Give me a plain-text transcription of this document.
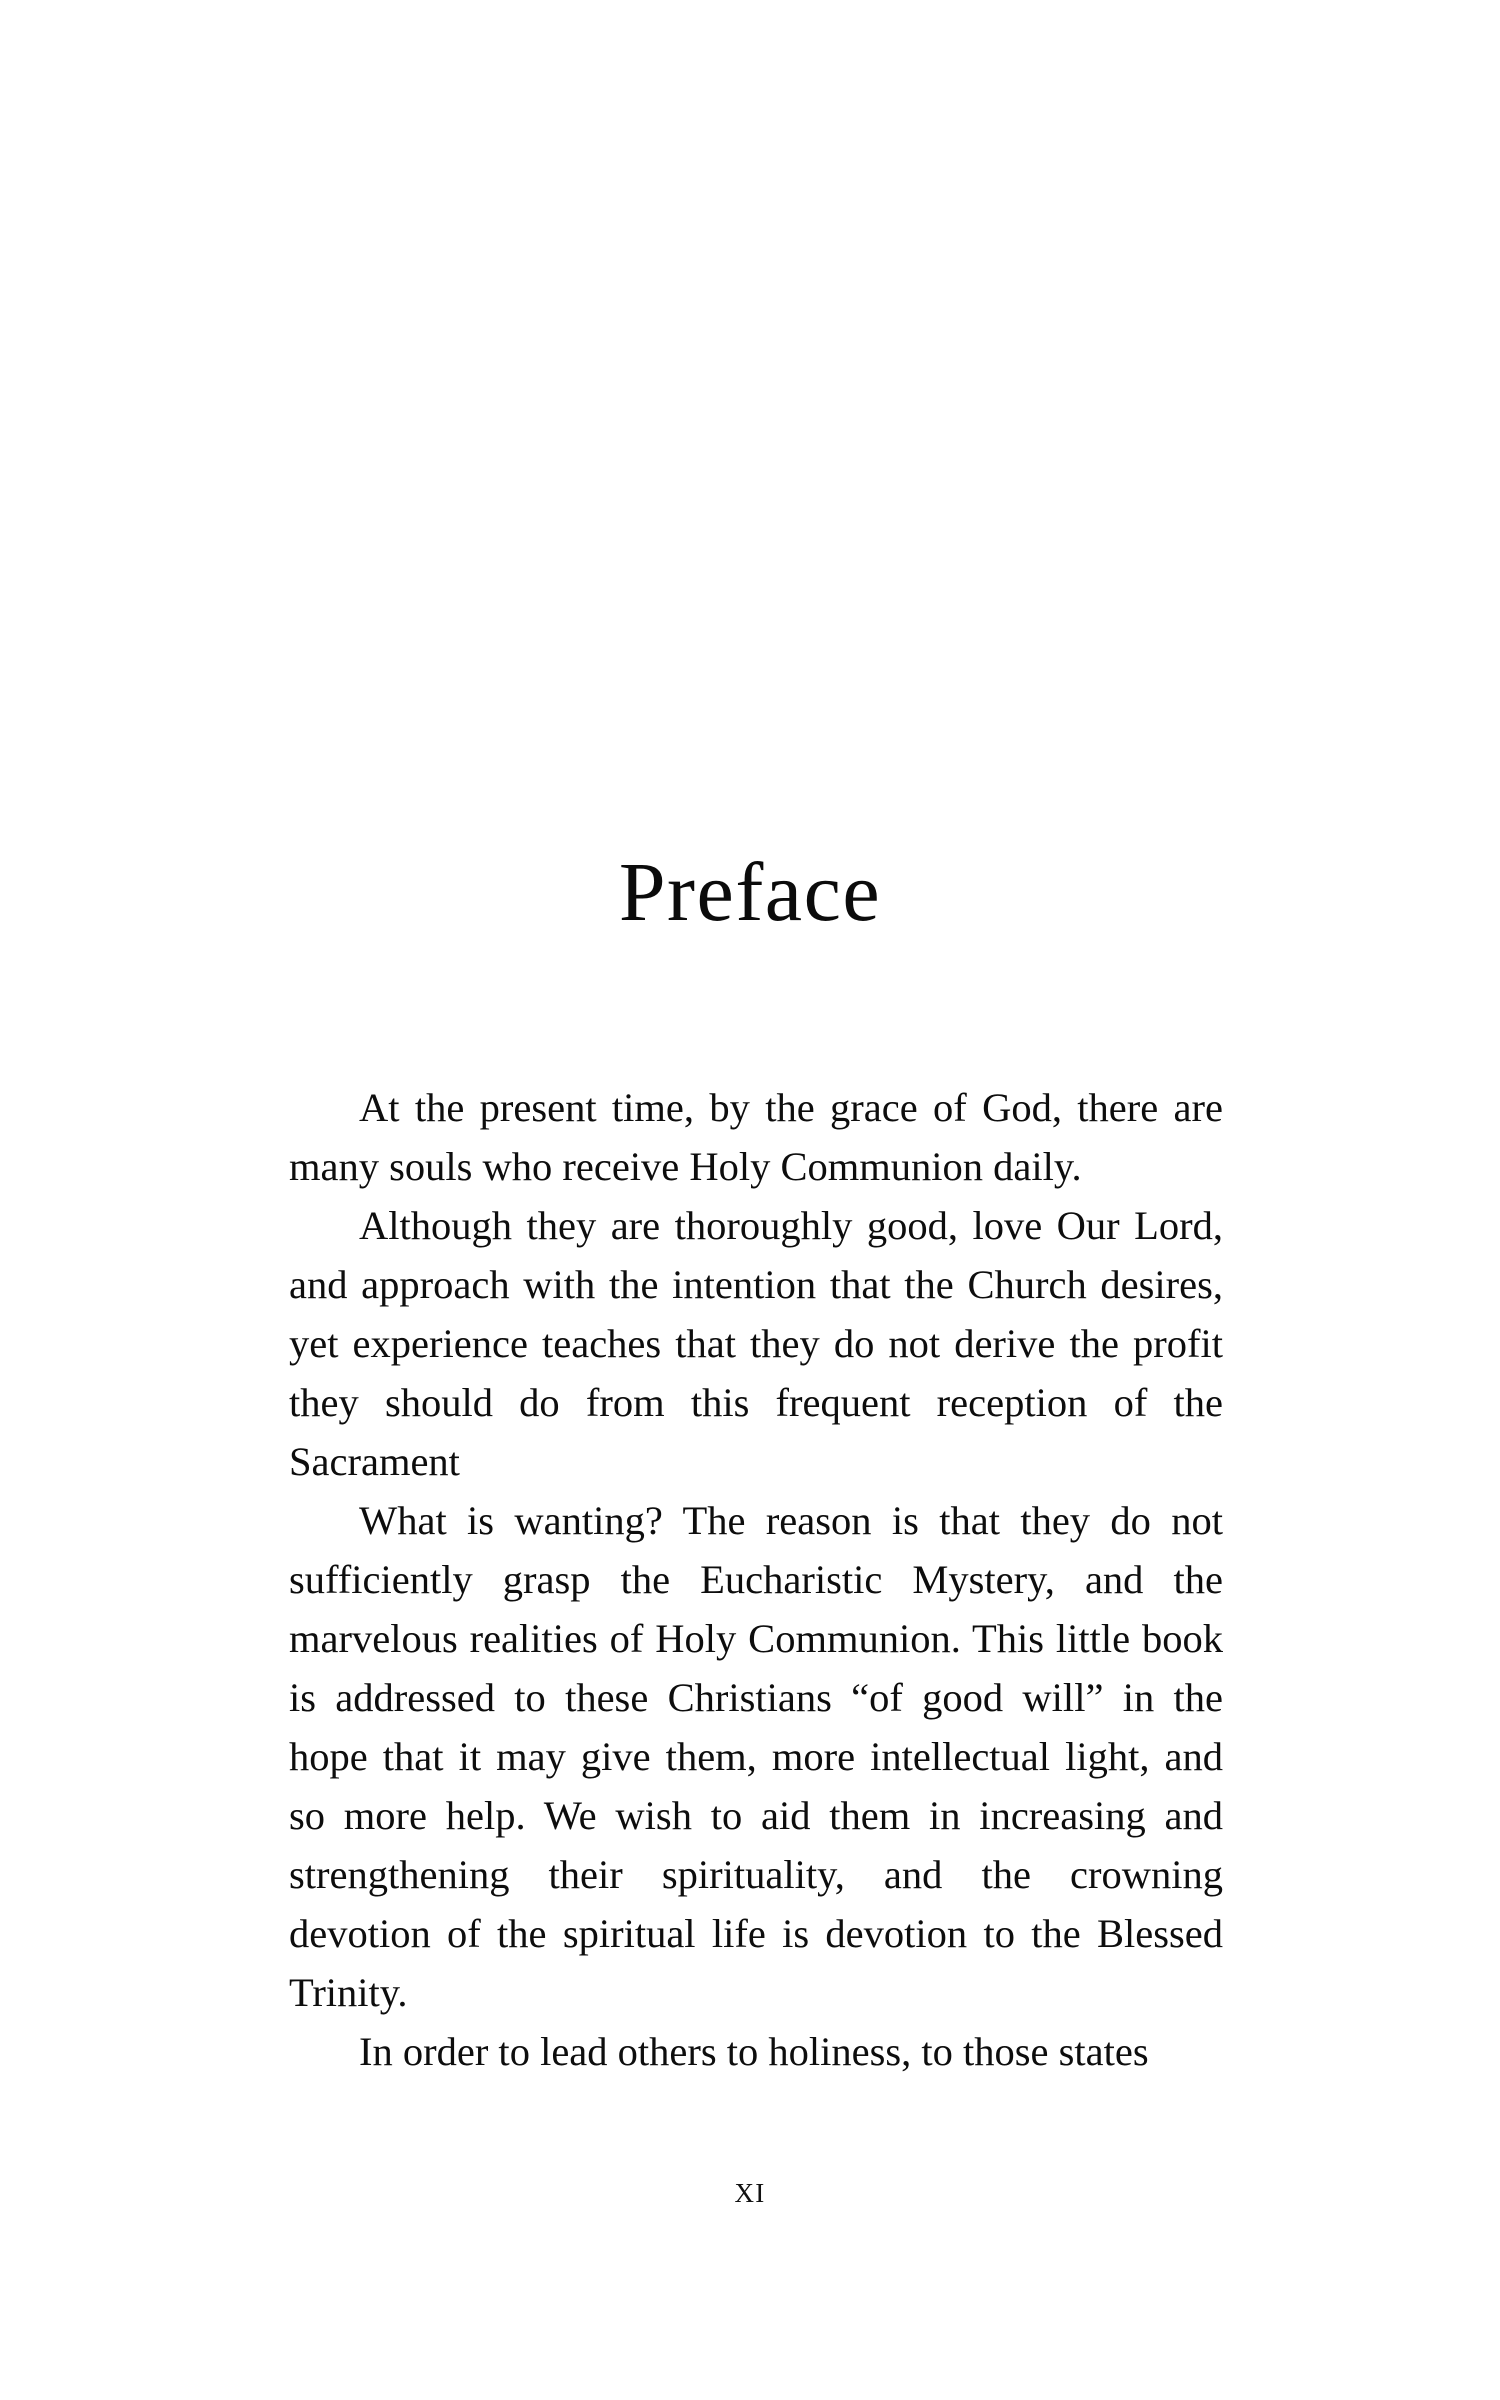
Preface

At the present time, by the grace of God, there are many souls who receive Holy Communion daily.

Although they are thoroughly good, love Our Lord, and approach with the intention that the Church desires, yet experience teaches that they do not derive the profit they should do from this frequent reception of the Sacrament

What is wanting? The reason is that they do not sufficiently grasp the Eucharistic Mystery, and the marvelous realities of Holy Communion. This little book is addressed to these Christians “of good will” in the hope that it may give them, more intellectual light, and so more help. We wish to aid them in increasing and strengthening their spirituality, and the crowning devotion of the spiritual life is devotion to the Blessed Trinity.

In order to lead others to holiness, to those states

XI
